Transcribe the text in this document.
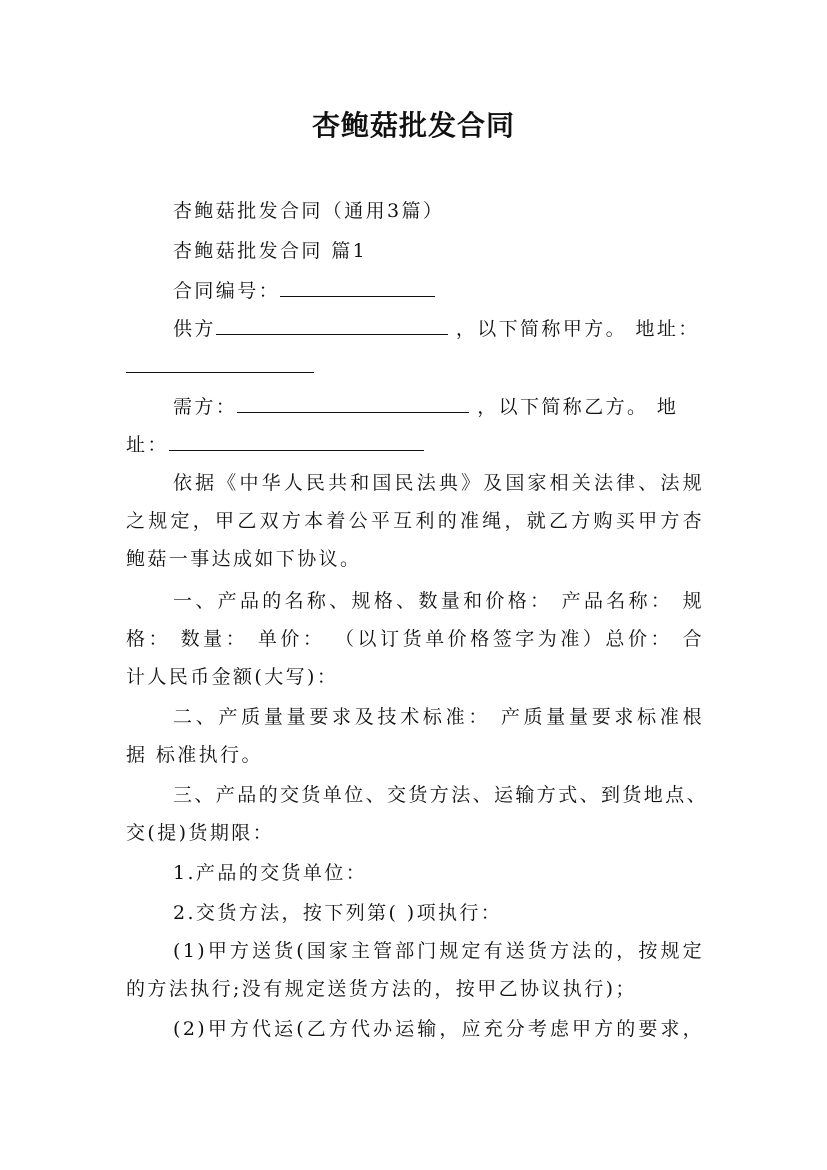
杏鲍菇批发合同
杏鲍菇批发合同（通用3篇）
杏鲍菇批发合同 篇1
合同编号：
供方	，以下简称甲方。 地址：
需方：	，以下简称乙方。 地
址：
依据《中华人民共和国民法典》及国家相关法律、法规
之规定，甲乙双方本着公平互利的准绳，就乙方购买甲方杏
鲍菇一事达成如下协议。
一、产品的名称、规格、数量和价格： 产品名称： 规
格： 数量： 单价： （以订货单价格签字为准）总价： 合
计人民币金额(大写)：
二、产质量量要求及技术标准： 产质量量要求标准根
据 标准执行。
三、产品的交货单位、交货方法、运输方式、到货地点、
交(提)货期限：
1.产品的交货单位：
2.交货方法，按下列第( )项执行：
(1)甲方送货(国家主管部门规定有送货方法的，按规定
的方法执行;没有规定送货方法的，按甲乙协议执行)；
(2)甲方代运(乙方代办运输，应充分考虑甲方的要求，
